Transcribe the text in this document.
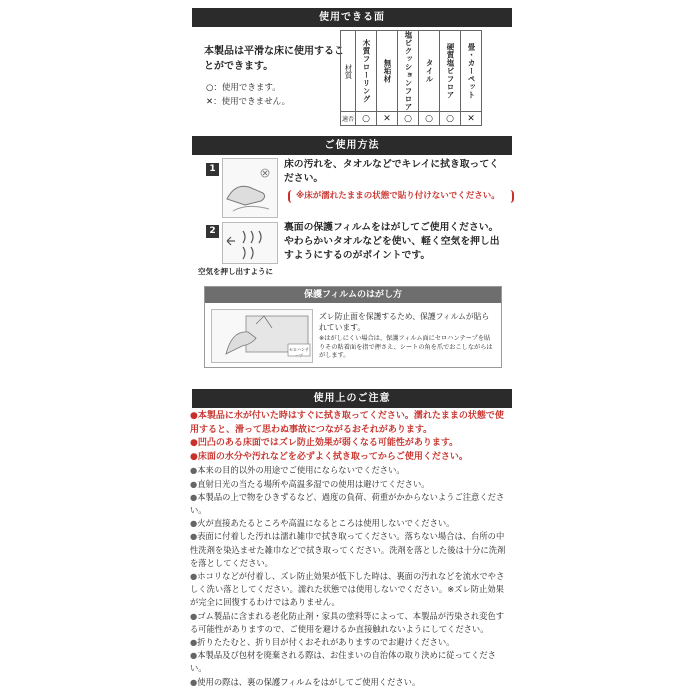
使用できる面
本製品は平滑な床に使用することができます。
○：使用できます。
✕：使用できません。
材質	木質フローリング	無垢材	塩ビクッションフロア	タイル	硬質塩ビフロア	畳・カーペット
適否	○	✕	○	○	○	✕
ご使用方法
1	床の汚れを、タオルなどでキレイに拭き取ってください。
※床が濡れたままの状態で貼り付けないでください。
2	裏面の保護フィルムをはがしてご使用ください。やわらかいタオルなどを使い、軽く空気を押し出すようにするのがポイントです。
空気を押し出すように
保護フィルムのはがし方
セロハンテープ
ズレ防止面を保護するため、保護フィルムが貼られています。
※はがしにくい場合は、保護フィルム面にセロハンテープを貼りその粘着面を指で押さえ、シートの角を爪でおこしながらはがします。
使用上のご注意
●本製品に水が付いた時はすぐに拭き取ってください。濡れたままの状態で使用すると、滑って思わぬ事故につながるおそれがあります。
●凹凸のある床面ではズレ防止効果が弱くなる可能性があります。
●床面の水分や汚れなどを必ずよく拭き取ってからご使用ください。
●本来の目的以外の用途でご使用にならないでください。
●直射日光の当たる場所や高温多湿での使用は避けてください。
●本製品の上で物をひきずるなど、過度の負荷、荷重がかからないようご注意ください。
●火が直接あたるところや高温になるところは使用しないでください。
●表面に付着した汚れは濡れ雑巾で拭き取ってください。落ちない場合は、台所の中性洗剤を染込ませた雑巾などで拭き取ってください。洗剤を落とした後は十分に洗剤を落としてください。
●ホコリなどが付着し、ズレ防止効果が低下した時は、裏面の汚れなどを流水でやさしく洗い落としてください。濡れた状態では使用しないでください。※ズレ防止効果が完全に回復するわけではありません。
●ゴム製品に含まれる老化防止剤・家具の塗料等によって、本製品が汚染され変色する可能性がありますので、ご使用を避けるか直接触れないようにしてください。
●折りたたむと、折り目が付くおそれがありますのでお避けください。
●本製品及び包材を廃棄される際は、お住まいの自治体の取り決めに従ってください。
●使用の際は、裏の保護フィルムをはがしてご使用ください。
